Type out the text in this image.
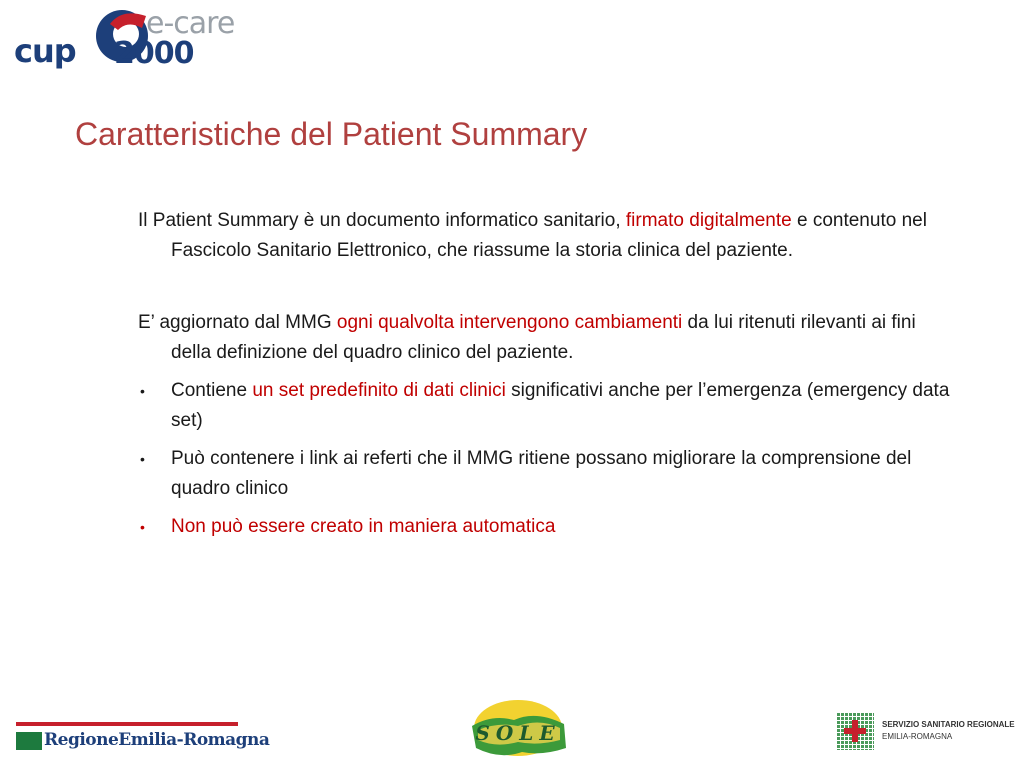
cup 2000
e-care
Caratteristiche del Patient Summary

Il Patient Summary è un documento informatico sanitario, firmato digitalmente e contenuto nel Fascicolo Sanitario Elettronico, che riassume la storia clinica del paziente.

E’ aggiornato dal MMG ogni qualvolta intervengono cambiamenti da lui ritenuti rilevanti ai fini della definizione del quadro clinico del paziente.

• Contiene un set predefinito di dati clinici significativi anche per l’emergenza (emergency data set)
• Può contenere i link ai referti che il MMG ritiene possano migliorare la comprensione del quadro clinico
• Non può essere creato in maniera automatica
RegioneEmilia-Romagna	SOLE	SERVIZIO SANITARIO REGIONALE
EMILIA-ROMAGNA
